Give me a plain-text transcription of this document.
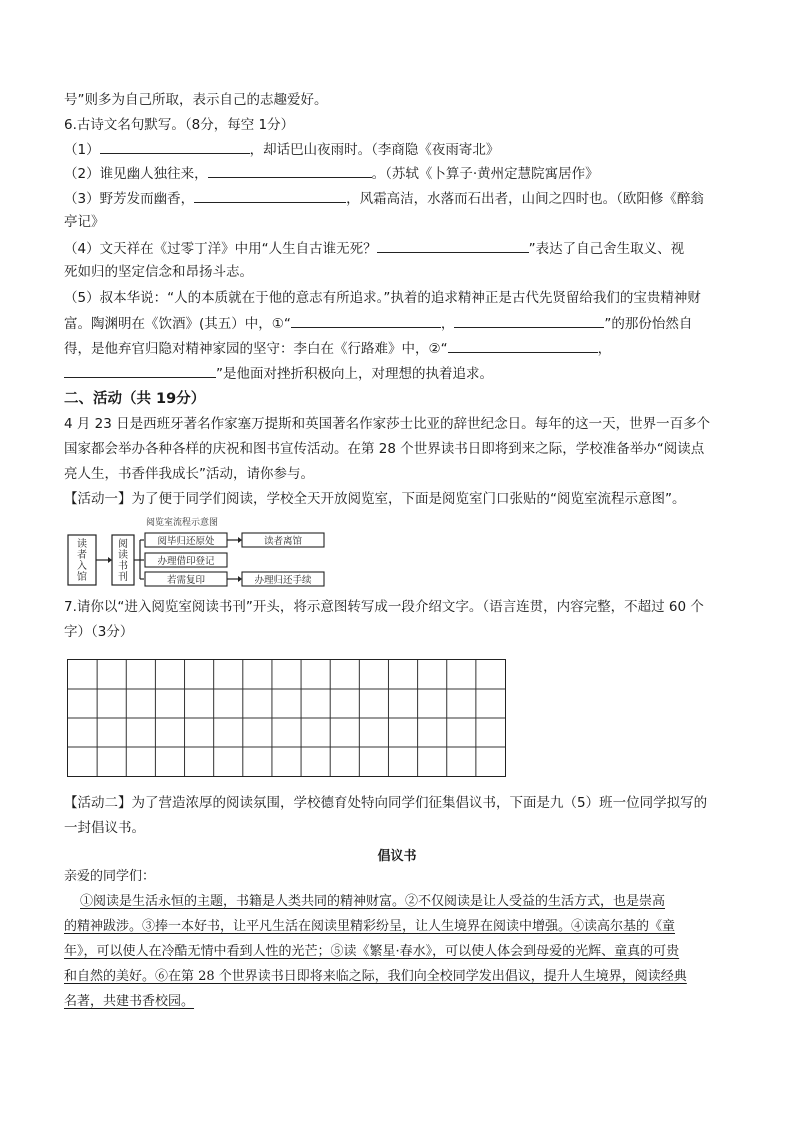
号”则多为自己所取，表示自己的志趣爱好。
6.古诗文名句默写。（8分，每空 1分）
（1）	，却话巴山夜雨时。（李商隐《夜雨寄北》
（2）谁见幽人独往来，	。（苏轼《卜算子·黄州定慧院寓居作》
（3）野芳发而幽香，	，风霜高洁，水落而石出者，山间之四时也。（欧阳修《醉翁
亭记》
（4）文天祥在《过零丁洋》中用“人生自古谁无死？	”表达了自己舍生取义、视
死如归的坚定信念和昂扬斗志。
（5）叔本华说：“人的本质就在于他的意志有所追求。”执着的追求精神正是古代先贤留给我们的宝贵精神财
富。陶渊明在《饮酒》(其五）中，①“	，	”的那份怡然自
得，是他弃官归隐对精神家园的坚守：李白在《行路难》中，②“	，
”是他面对挫折积极向上，对理想的执着追求。
二、活动（共 19分）
4 月 23 日是西班牙著名作家塞万提斯和英国著名作家莎士比亚的辞世纪念日。每年的这一天，世界一百多个
国家都会举办各种各样的庆祝和图书宣传活动。在第 28 个世界读书日即将到来之际，学校准备举办“阅读点
亮人生，书香伴我成长”活动，请你参与。
【活动一】为了便于同学们阅读，学校全天开放阅览室，下面是阅览室门口张贴的“阅览室流程示意图”。
阅览室流程示意图
读者入馆
阅读书刊
阅毕归还原处
办理借印登记
若需复印
读者离馆
办理归还手续
7.请你以“进入阅览室阅读书刊”开头，将示意图转写成一段介绍文字。（语言连贯，内容完整，不超过 60 个
字）（3分）
【活动二】为了营造浓厚的阅读氛围，学校德育处特向同学们征集倡议书，下面是九（5）班一位同学拟写的
一封倡议书。
倡议书
亲爱的同学们：
①阅读是生活永恒的主题，书籍是人类共同的精神财富。②不仅阅读是让人受益的生活方式，也是崇高
的精神跋涉。③捧一本好书，让平凡生活在阅读里精彩纷呈，让人生境界在阅读中增强。④读高尔基的《童
年》，可以使人在冷酷无情中看到人性的光芒；⑤读《繁星·春水》，可以使人体会到母爱的光辉、童真的可贵
和自然的美好。⑥在第 28 个世界读书日即将来临之际，我们向全校同学发出倡议，提升人生境界，阅读经典
名著，共建书香校园。
